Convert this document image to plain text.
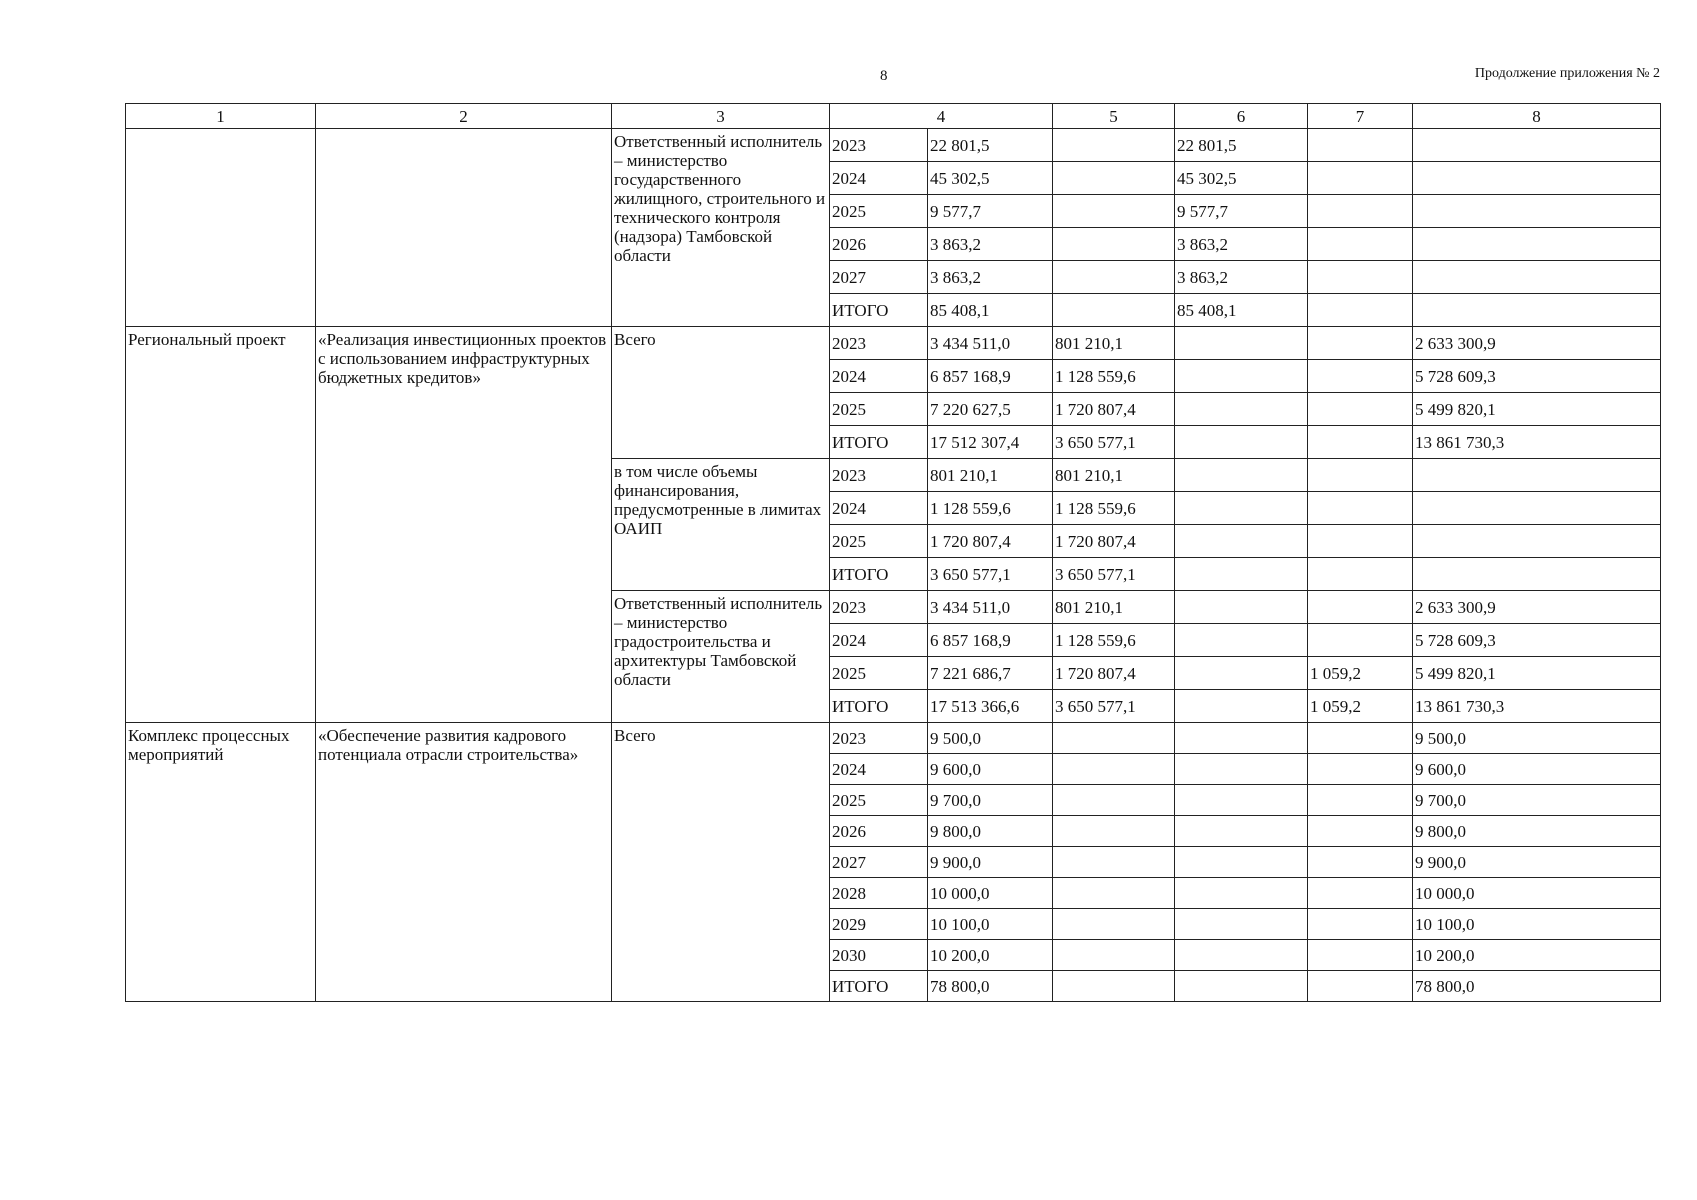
8	Продолжение приложения № 2
1	2	3	4		5	6	7	8
		Ответственный исполнитель – министерство государственного жилищного, строительного и технического контроля (надзора) Тамбовской области	2023	22 801,5		22 801,5		
			2024	45 302,5		45 302,5		
			2025	9 577,7		9 577,7		
			2026	3 863,2		3 863,2		
			2027	3 863,2		3 863,2		
			ИТОГО	85 408,1		85 408,1		
Региональный проект	«Реализация инвестиционных проектов с использованием инфраструктурных бюджетных кредитов»	Всего	2023	3 434 511,0	801 210,1			2 633 300,9
			2024	6 857 168,9	1 128 559,6			5 728 609,3
			2025	7 220 627,5	1 720 807,4			5 499 820,1
			ИТОГО	17 512 307,4	3 650 577,1			13 861 730,3
		в том числе объемы финансирования, предусмотренные в лимитах ОАИП	2023	801 210,1	801 210,1			
			2024	1 128 559,6	1 128 559,6			
			2025	1 720 807,4	1 720 807,4			
			ИТОГО	3 650 577,1	3 650 577,1			
		Ответственный исполнитель – министерство градостроительства и архитектуры Тамбовской области	2023	3 434 511,0	801 210,1			2 633 300,9
			2024	6 857 168,9	1 128 559,6			5 728 609,3
			2025	7 221 686,7	1 720 807,4		1 059,2	5 499 820,1
			ИТОГО	17 513 366,6	3 650 577,1		1 059,2	13 861 730,3
Комплекс процессных мероприятий	«Обеспечение развития кадрового потенциала отрасли строительства»	Всего	2023	9 500,0				9 500,0
			2024	9 600,0				9 600,0
			2025	9 700,0				9 700,0
			2026	9 800,0				9 800,0
			2027	9 900,0				9 900,0
			2028	10 000,0				10 000,0
			2029	10 100,0				10 100,0
			2030	10 200,0				10 200,0
			ИТОГО	78 800,0				78 800,0
